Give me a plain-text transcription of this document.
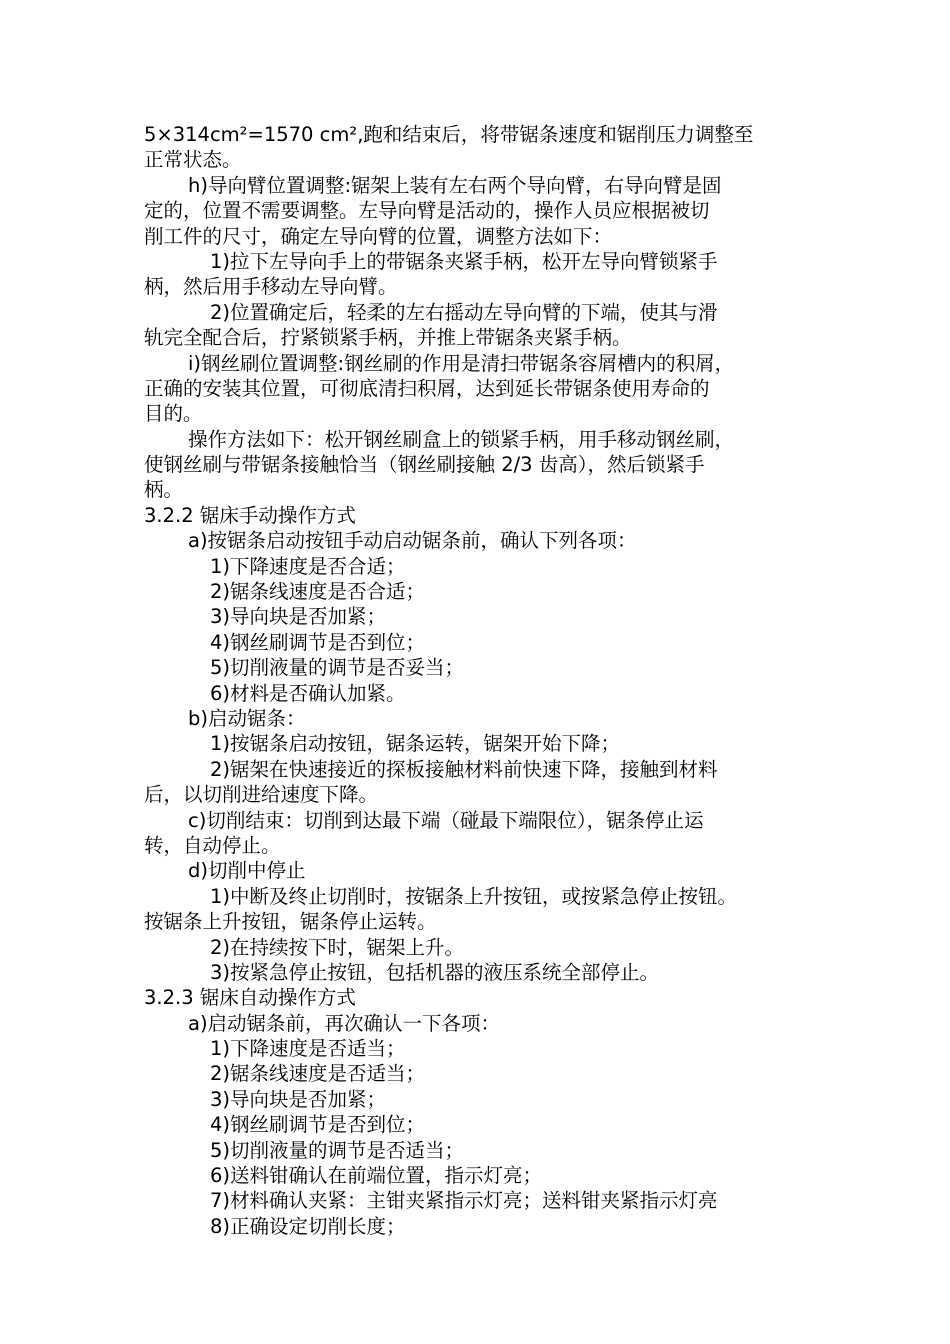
5×314cm²=1570 cm²,跑和结束后，将带锯条速度和锯削压力调整至
正常状态。
h)导向臂位置调整:锯架上装有左右两个导向臂，右导向臂是固
定的，位置不需要调整。左导向臂是活动的，操作人员应根据被切
削工件的尺寸，确定左导向臂的位置，调整方法如下：
1)拉下左导向手上的带锯条夹紧手柄，松开左导向臂锁紧手
柄，然后用手移动左导向臂。
2)位置确定后，轻柔的左右摇动左导向臂的下端，使其与滑
轨完全配合后，拧紧锁紧手柄，并推上带锯条夹紧手柄。
i)钢丝刷位置调整:钢丝刷的作用是清扫带锯条容屑槽内的积屑，
正确的安装其位置，可彻底清扫积屑，达到延长带锯条使用寿命的
目的。
操作方法如下：松开钢丝刷盒上的锁紧手柄，用手移动钢丝刷，
使钢丝刷与带锯条接触恰当（钢丝刷接触 2/3 齿高），然后锁紧手
柄。
3.2.2 锯床手动操作方式
a)按锯条启动按钮手动启动锯条前，确认下列各项：
1)下降速度是否合适；
2)锯条线速度是否合适；
3)导向块是否加紧；
4)钢丝刷调节是否到位；
5)切削液量的调节是否妥当；
6)材料是否确认加紧。
b)启动锯条：
1)按锯条启动按钮，锯条运转，锯架开始下降；
2)锯架在快速接近的探板接触材料前快速下降，接触到材料
后，以切削进给速度下降。
c)切削结束：切削到达最下端（碰最下端限位），锯条停止运
转，自动停止。
d)切削中停止
1)中断及终止切削时，按锯条上升按钮，或按紧急停止按钮。
按锯条上升按钮，锯条停止运转。
2)在持续按下时，锯架上升。
3)按紧急停止按钮，包括机器的液压系统全部停止。
3.2.3 锯床自动操作方式
a)启动锯条前，再次确认一下各项：
1)下降速度是否适当；
2)锯条线速度是否适当；
3)导向块是否加紧；
4)钢丝刷调节是否到位；
5)切削液量的调节是否适当；
6)送料钳确认在前端位置，指示灯亮；
7)材料确认夹紧：主钳夹紧指示灯亮；送料钳夹紧指示灯亮
8)正确设定切削长度；
